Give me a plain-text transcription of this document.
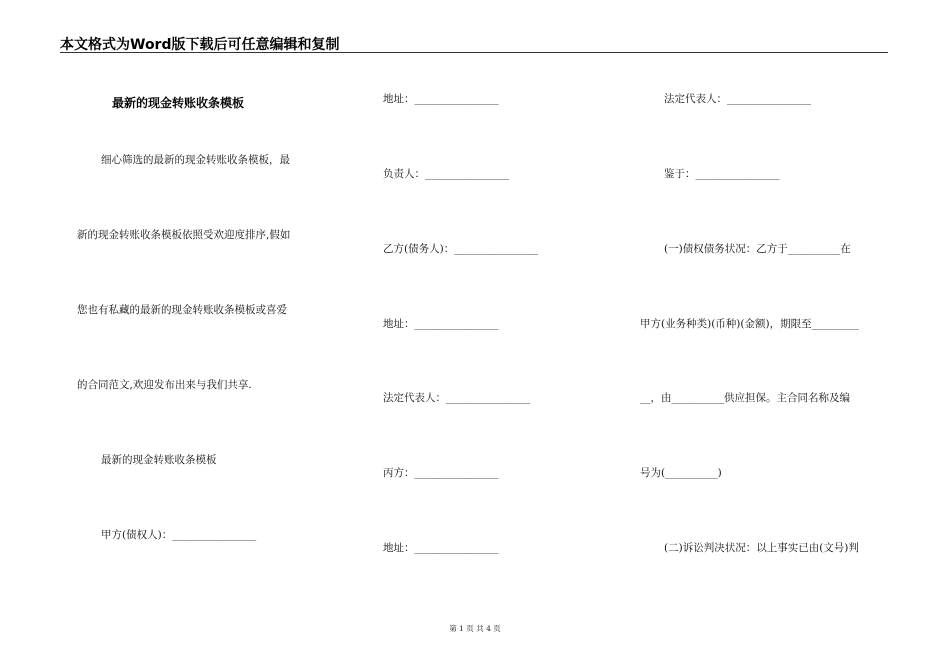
本文格式为Word版下载后可任意编辑和复制
最新的现金转账收条模板
细心筛选的最新的现金转账收条模板，最
新的现金转账收条模板依照受欢迎度排序,假如
您也有私藏的最新的现金转账收条模板或喜爱
的合同范文,欢迎发布出来与我们共享.
最新的现金转账收条模板
甲方(债权人)：________________
地址：________________
负责人：________________
乙方(债务人)：________________
地址：________________
法定代表人：________________
丙方：________________
地址：________________
法定代表人：________________
鉴于：________________
(一)债权债务状况：乙方于__________在
甲方(业务种类)(币种)(金额)，期限至_________
__，由__________供应担保。主合同名称及编
号为(__________)
(二)诉讼判决状况：以上事实已由(文号)判
第 1 页 共 4 页
